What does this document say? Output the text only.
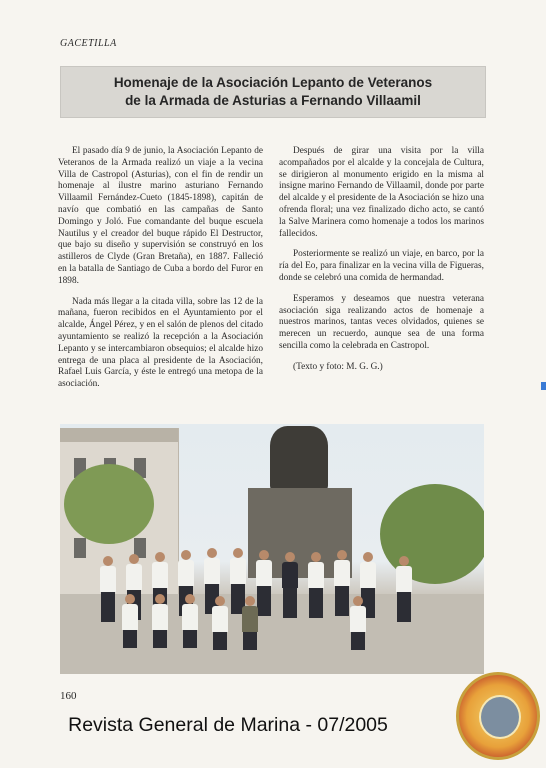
GACETILLA
Homenaje de la Asociación Lepanto de Veteranos
de la Armada de Asturias a Fernando Villaamil

El pasado día 9 de junio, la Asociación Lepanto de Veteranos de la Armada realizó un viaje a la vecina Villa de Castropol (Asturias), con el fin de rendir un homenaje al ilustre marino asturiano Fernando Villaamil Fernández-Cueto (1845-1898), capitán de navío que combatió en las campañas de Santo Domingo y Joló. Fue comandante del buque escuela Nautilus y el creador del buque rápido El Destructor, que bajo su diseño y supervisión se construyó en los astilleros de Clyde (Gran Bretaña), en 1887. Falleció en la batalla de Santiago de Cuba a bordo del Furor en 1898.

Nada más llegar a la citada villa, sobre las 12 de la mañana, fueron recibidos en el Ayuntamiento por el alcalde, Ángel Pérez, y en el salón de plenos del citado ayuntamiento se realizó la recepción a la Asociación Lepanto y se intercambiaron obsequios; el alcalde hizo entrega de una placa al presidente de la Asociación, Rafael Luis García, y éste le entregó una metopa de la asociación.

Después de girar una visita por la villa acompañados por el alcalde y la concejala de Cultura, se dirigieron al monumento erigido en la misma al insigne marino Fernando de Villaamil, donde por parte del alcalde y el presidente de la Asociación se hizo una ofrenda floral; una vez finalizado dicho acto, se cantó la Salve Marinera como homenaje a todos los marinos fallecidos.

Posteriormente se realizó un viaje, en barco, por la ría del Eo, para finalizar en la vecina villa de Figueras, donde se celebró una comida de hermandad.

Esperamos y deseamos que nuestra veterana asociación siga realizando actos de homenaje a nuestros marinos, tantas veces olvidados, quienes se merecen un recuerdo, aunque sea de una forma sencilla como la celebrada en Castropol.

(Texto y foto: M. G. G.)

160
Revista General de Marina - 07/2005
